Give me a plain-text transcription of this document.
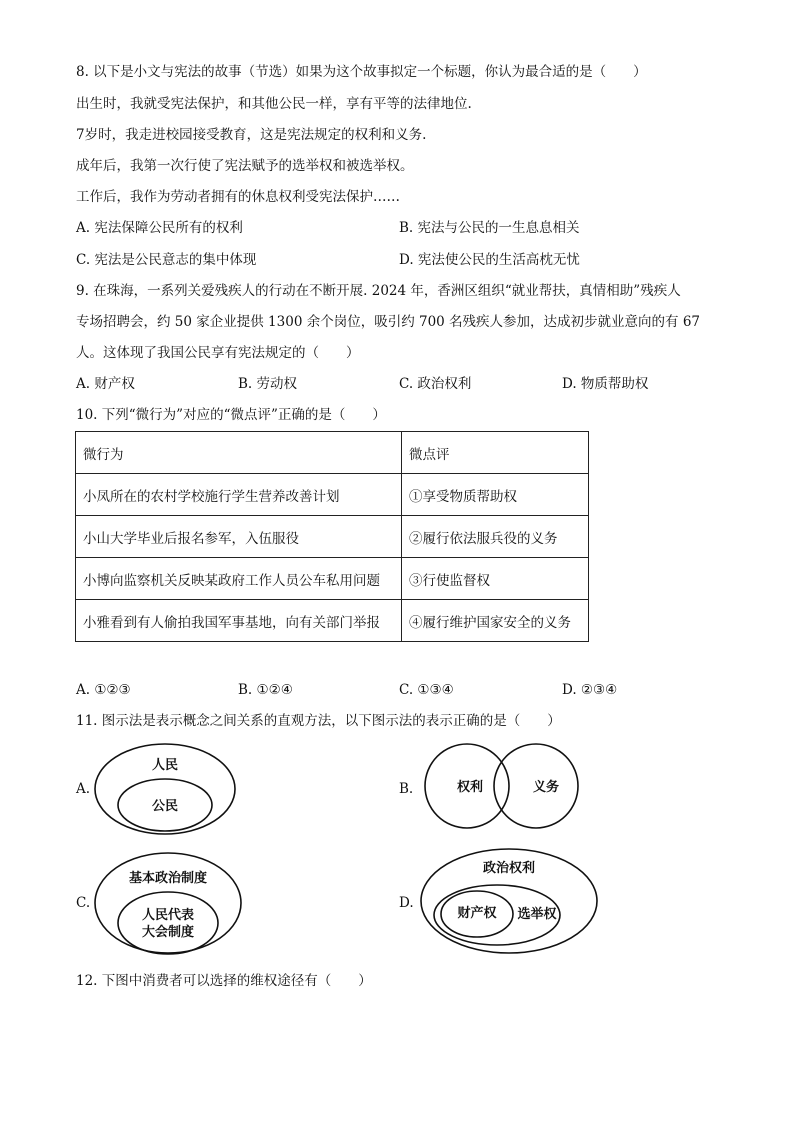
8. 以下是小文与宪法的故事（节选）如果为这个故事拟定一个标题，你认为最合适的是（　　）
出生时，我就受宪法保护，和其他公民一样，享有平等的法律地位.
7岁时，我走进校园接受教育，这是宪法规定的权利和义务.
成年后，我第一次行使了宪法赋予的选举权和被选举权。
工作后，我作为劳动者拥有的休息权利受宪法保护……
A. 宪法保障公民所有的权利	B. 宪法与公民的一生息息相关
C. 宪法是公民意志的集中体现	D. 宪法使公民的生活高枕无忧
9. 在珠海，一系列关爱残疾人的行动在不断开展. 2024 年，香洲区组织“就业帮扶，真情相助”残疾人
专场招聘会，约 50 家企业提供 1300 余个岗位，吸引约 700 名残疾人参加，达成初步就业意向的有 67
人。这体现了我国公民享有宪法规定的（　　）
A. 财产权	B. 劳动权	C. 政治权利	D. 物质帮助权
10. 下列“微行为”对应的“微点评”正确的是（　　）
微行为	微点评
小凤所在的农村学校施行学生营养改善计划	①享受物质帮助权
小山大学毕业后报名参军，入伍服役	②履行依法服兵役的义务
小博向监察机关反映某政府工作人员公车私用问题	③行使监督权
小雅看到有人偷拍我国军事基地，向有关部门举报	④履行维护国家安全的义务
A. ①②③	B. ①②④	C. ①③④	D. ②③④
11. 图示法是表示概念之间关系的直观方法，以下图示法的表示正确的是（　　）
A.
人民
公民
B.	权利	义务
C.
基本政治制度
人民代表
大会制度
D.
政治权利
选举权
财产权
12. 下图中消费者可以选择的维权途径有（　　）
